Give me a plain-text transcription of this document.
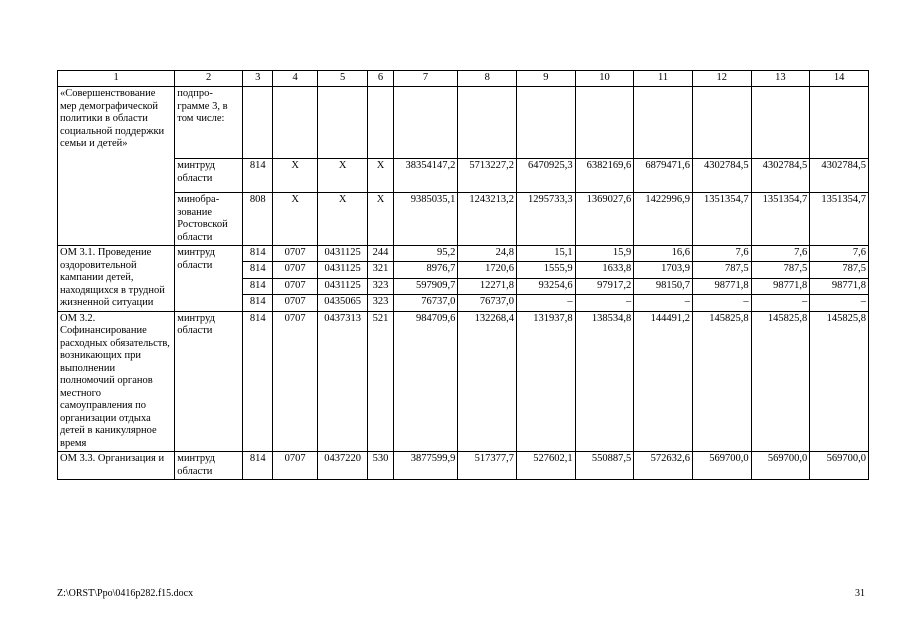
1	2	3	4	5	6	7	8	9	10	11	12	13	14
«Совершенствование мер демографической политики в области социальной поддержки семьи и детей»	подпрограмме 3, в том числе:												
	минтруд области	814	X	X	X	38354147,2	5713227,2	6470925,3	6382169,6	6879471,6	4302784,5	4302784,5	4302784,5
	минобразование Ростовской области	808	X	X	X	9385035,1	1243213,2	1295733,3	1369027,6	1422996,9	1351354,7	1351354,7	1351354,7
ОМ 3.1. Проведение оздоровительной кампании детей, находящихся в трудной жизненной ситуации	минтруд области	814	0707	0431125	244	95,2	24,8	15,1	15,9	16,6	7,6	7,6	7,6
		814	0707	0431125	321	8976,7	1720,6	1555,9	1633,8	1703,9	787,5	787,5	787,5
		814	0707	0431125	323	597909,7	12271,8	93254,6	97917,2	98150,7	98771,8	98771,8	98771,8
		814	0707	0435065	323	76737,0	76737,0	–	–	–	–	–	–
ОМ 3.2. Софинансирование расходных обязательств, возникающих при выполнении полномочий органов местного самоуправления по организации отдыха детей в каникулярное время	минтруд области	814	0707	0437313	521	984709,6	132268,4	131937,8	138534,8	144491,2	145825,8	145825,8	145825,8
ОМ 3.3. Организация и	минтруд области	814	0707	0437220	530	3877599,9	517377,7	527602,1	550887,5	572632,6	569700,0	569700,0	569700,0
Z:\ORST\Ppo\0416p282.f15.docx	31
